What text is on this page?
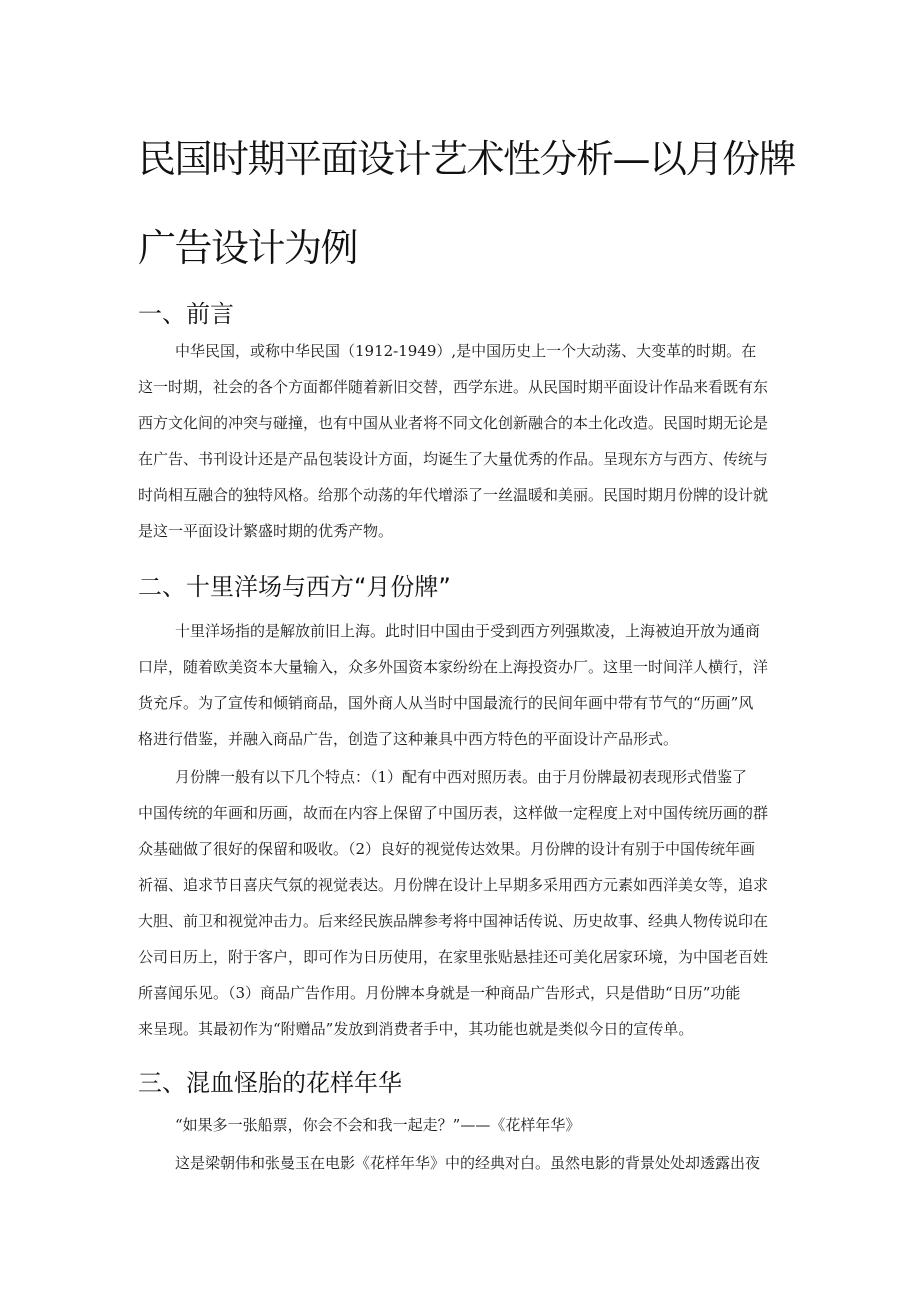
民国时期平面设计艺术性分析—以月份牌
广告设计为例
一、前言
中华民国，或称中华民国（1912-1949）,是中国历史上一个大动荡、大变革的时期。在
这一时期，社会的各个方面都伴随着新旧交替，西学东进。从民国时期平面设计作品来看既有东
西方文化间的冲突与碰撞，也有中国从业者将不同文化创新融合的本土化改造。民国时期无论是
在广告、书刊设计还是产品包装设计方面，均诞生了大量优秀的作品。呈现东方与西方、传统与
时尚相互融合的独特风格。给那个动荡的年代增添了一丝温暖和美丽。民国时期月份牌的设计就
是这一平面设计繁盛时期的优秀产物。
二、十里洋场与西方“月份牌”
十里洋场指的是解放前旧上海。此时旧中国由于受到西方列强欺凌，上海被迫开放为通商
口岸，随着欧美资本大量输入，众多外国资本家纷纷在上海投资办厂。这里一时间洋人横行，洋
货充斥。为了宣传和倾销商品，国外商人从当时中国最流行的民间年画中带有节气的“历画”风
格进行借鉴，并融入商品广告，创造了这种兼具中西方特色的平面设计产品形式。
月份牌一般有以下几个特点：（1）配有中西对照历表。由于月份牌最初表现形式借鉴了
中国传统的年画和历画，故而在内容上保留了中国历表，这样做一定程度上对中国传统历画的群
众基础做了很好的保留和吸收。（2）良好的视觉传达效果。月份牌的设计有别于中国传统年画
祈福、追求节日喜庆气氛的视觉表达。月份牌在设计上早期多采用西方元素如西洋美女等，追求
大胆、前卫和视觉冲击力。后来经民族品牌参考将中国神话传说、历史故事、经典人物传说印在
公司日历上，附于客户，即可作为日历使用，在家里张贴悬挂还可美化居家环境，为中国老百姓
所喜闻乐见。（3）商品广告作用。月份牌本身就是一种商品广告形式，只是借助“日历”功能
来呈现。其最初作为“附赠品”发放到消费者手中，其功能也就是类似今日的宣传单。
三、混血怪胎的花样年华
“如果多一张船票，你会不会和我一起走？”——《花样年华》
这是梁朝伟和张曼玉在电影《花样年华》中的经典对白。虽然电影的背景处处却透露出夜
